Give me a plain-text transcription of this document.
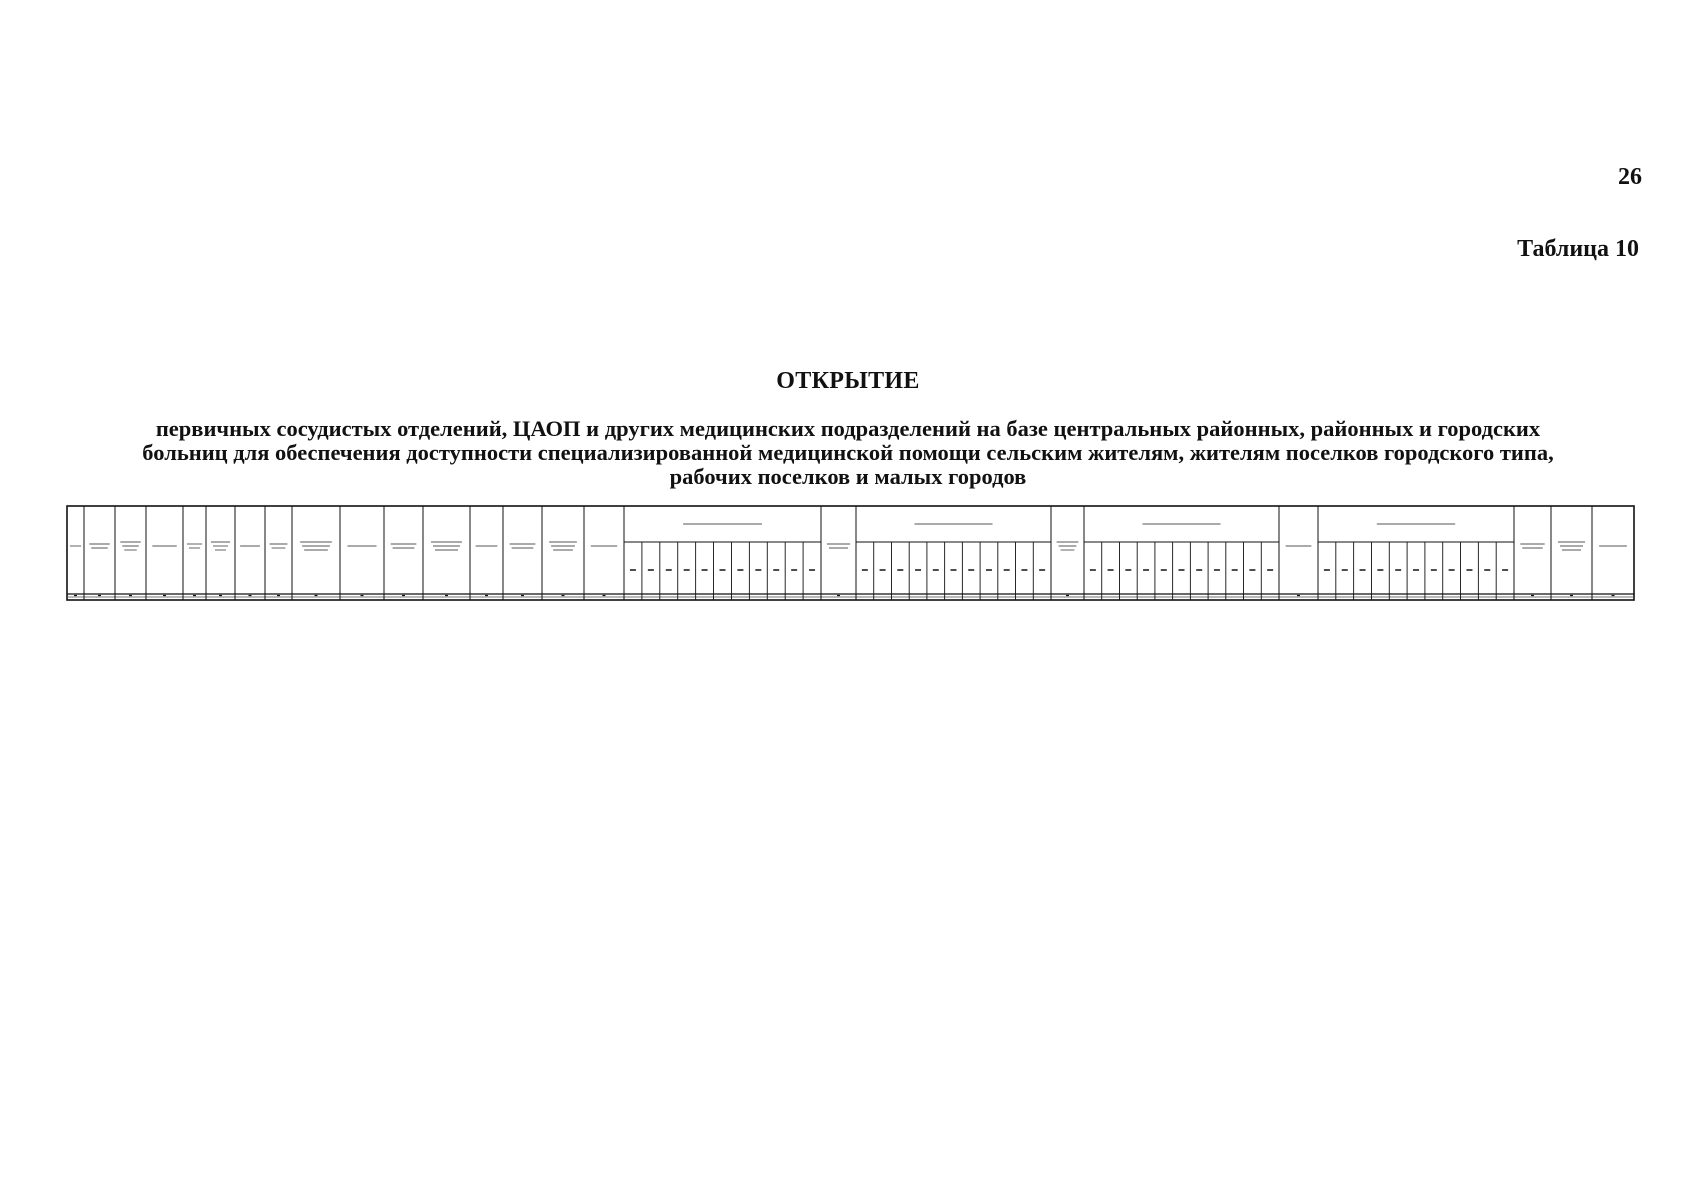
26
Таблица 10
ОТКРЫТИЕ
первичных сосудистых отделений, ЦАОП и других медицинских подразделений на базе центральных районных, районных и городских
больниц для обеспечения доступности специализированной медицинской помощи сельским жителям, жителям поселков городского типа,
рабочих поселков и малых городов
